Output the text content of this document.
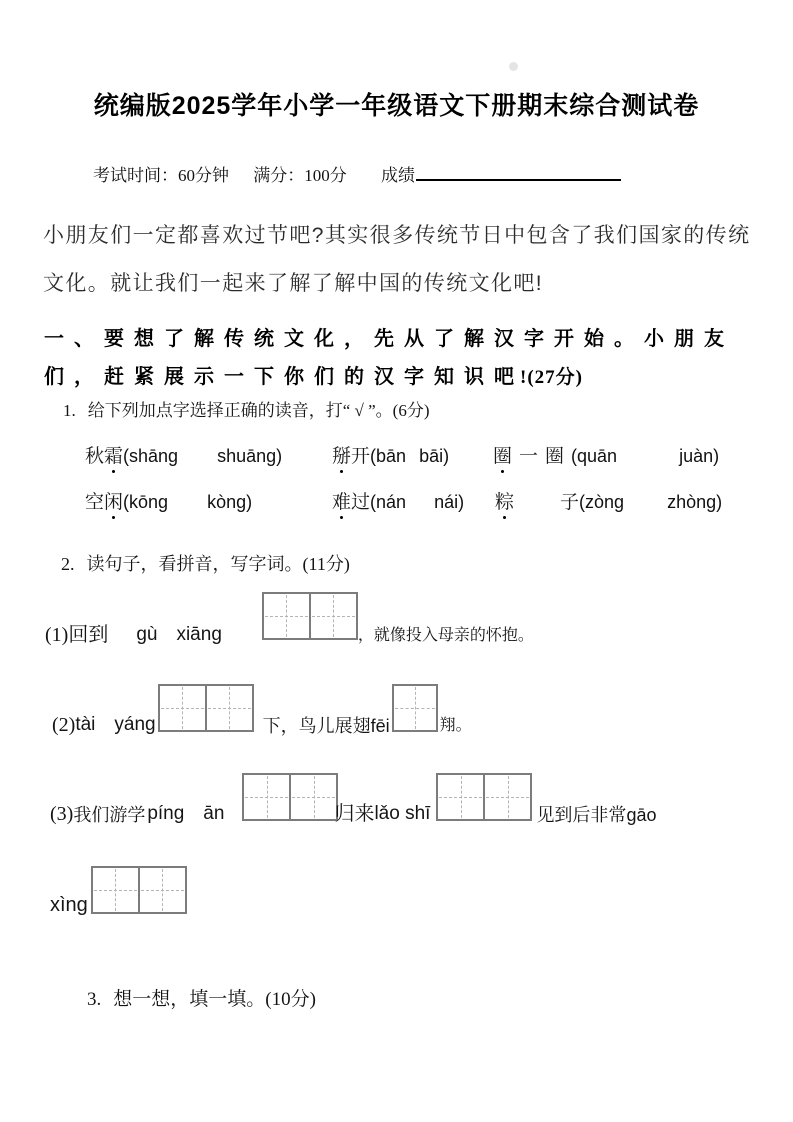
统编版2025学年小学一年级语文下册期末综合测试卷
考试时间：60分钟 满分：100分 成绩
小朋友们一定都喜欢过节吧?其实很多传统节日中包含了我们国家的传统
文化。就让我们一起来了解了解中国的传统文化吧!
一、要想了解传统文化，先从了解汉字开始。小朋友
们，赶紧展示一下你们的汉字知识吧!(27分)
1. 给下列加点字选择正确的读音，打“ √ ”。(6分)
秋霜(shāng shuāng)	掰开(bān bāi) 圈 一圈(quān	juàn)
空闲(kōng kòng)	难过(nán nái) 粽 子(zòng zhòng)
2. 读句子，看拼音，写字词。(11分)
(1) 回到 gù　xiāng	，就像投入母亲的怀抱。
(2) tài　yáng	下，鸟儿展翅 fēi	翔。
(3) 我们游学 píng　ān	归来 lǎo shī	见到后非常 gāo
xìng
3. 想一想，填一填。(10分)
